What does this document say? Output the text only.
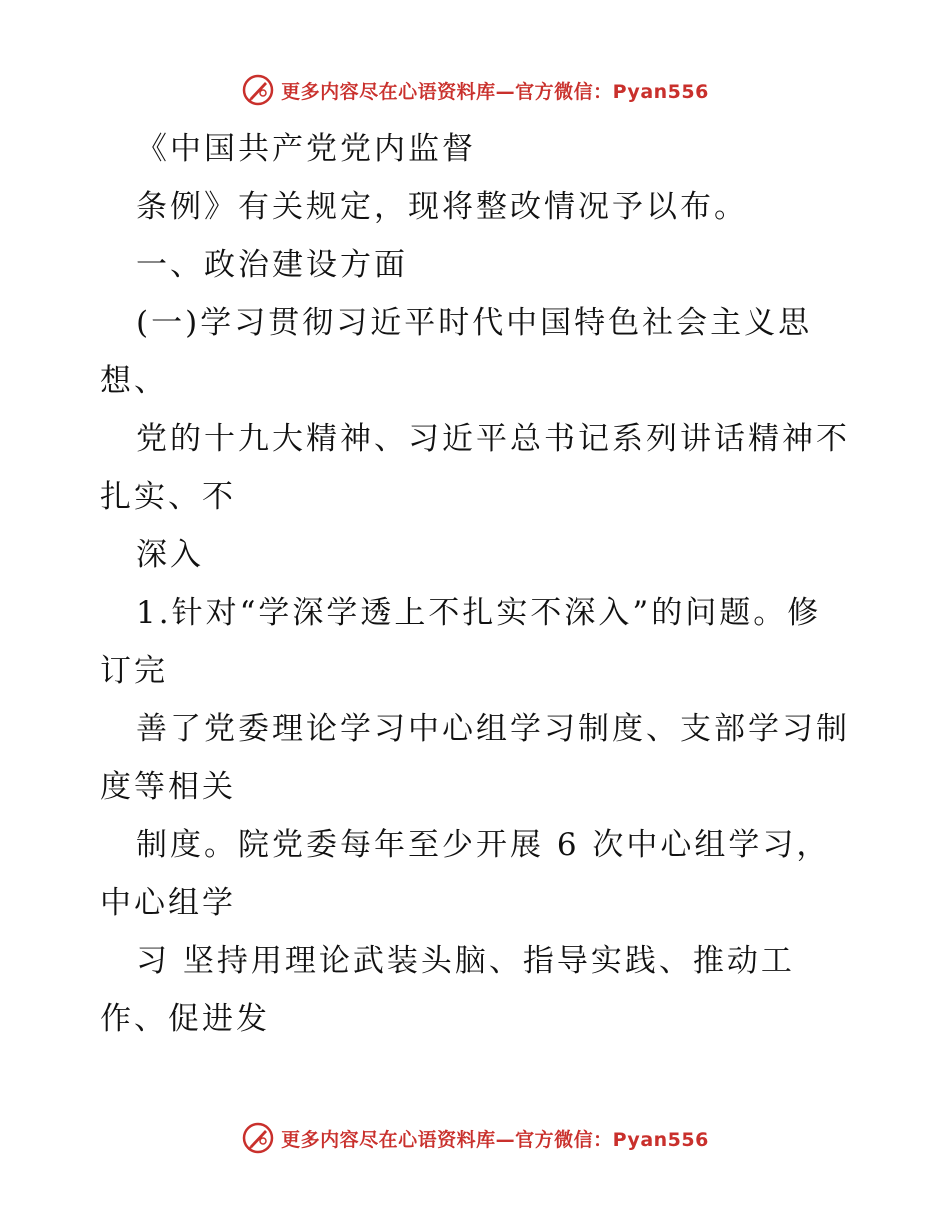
更多内容尽在心语资料库—官方微信：Pyan556
《中国共产党党内监督
条例》有关规定，现将整改情况予以布。
一、政治建设方面
(一)学习贯彻习近平时代中国特色社会主义思
想、
党的十九大精神、习近平总书记系列讲话精神不
扎实、不
深入
1.针对“学深学透上不扎实不深入”的问题。修
订完
善了党委理论学习中心组学习制度、支部学习制
度等相关
制度。院党委每年至少开展 6 次中心组学习，
中心组学
习 坚持用理论武装头脑、指导实践、推动工
作、促进发
更多内容尽在心语资料库—官方微信：Pyan556
